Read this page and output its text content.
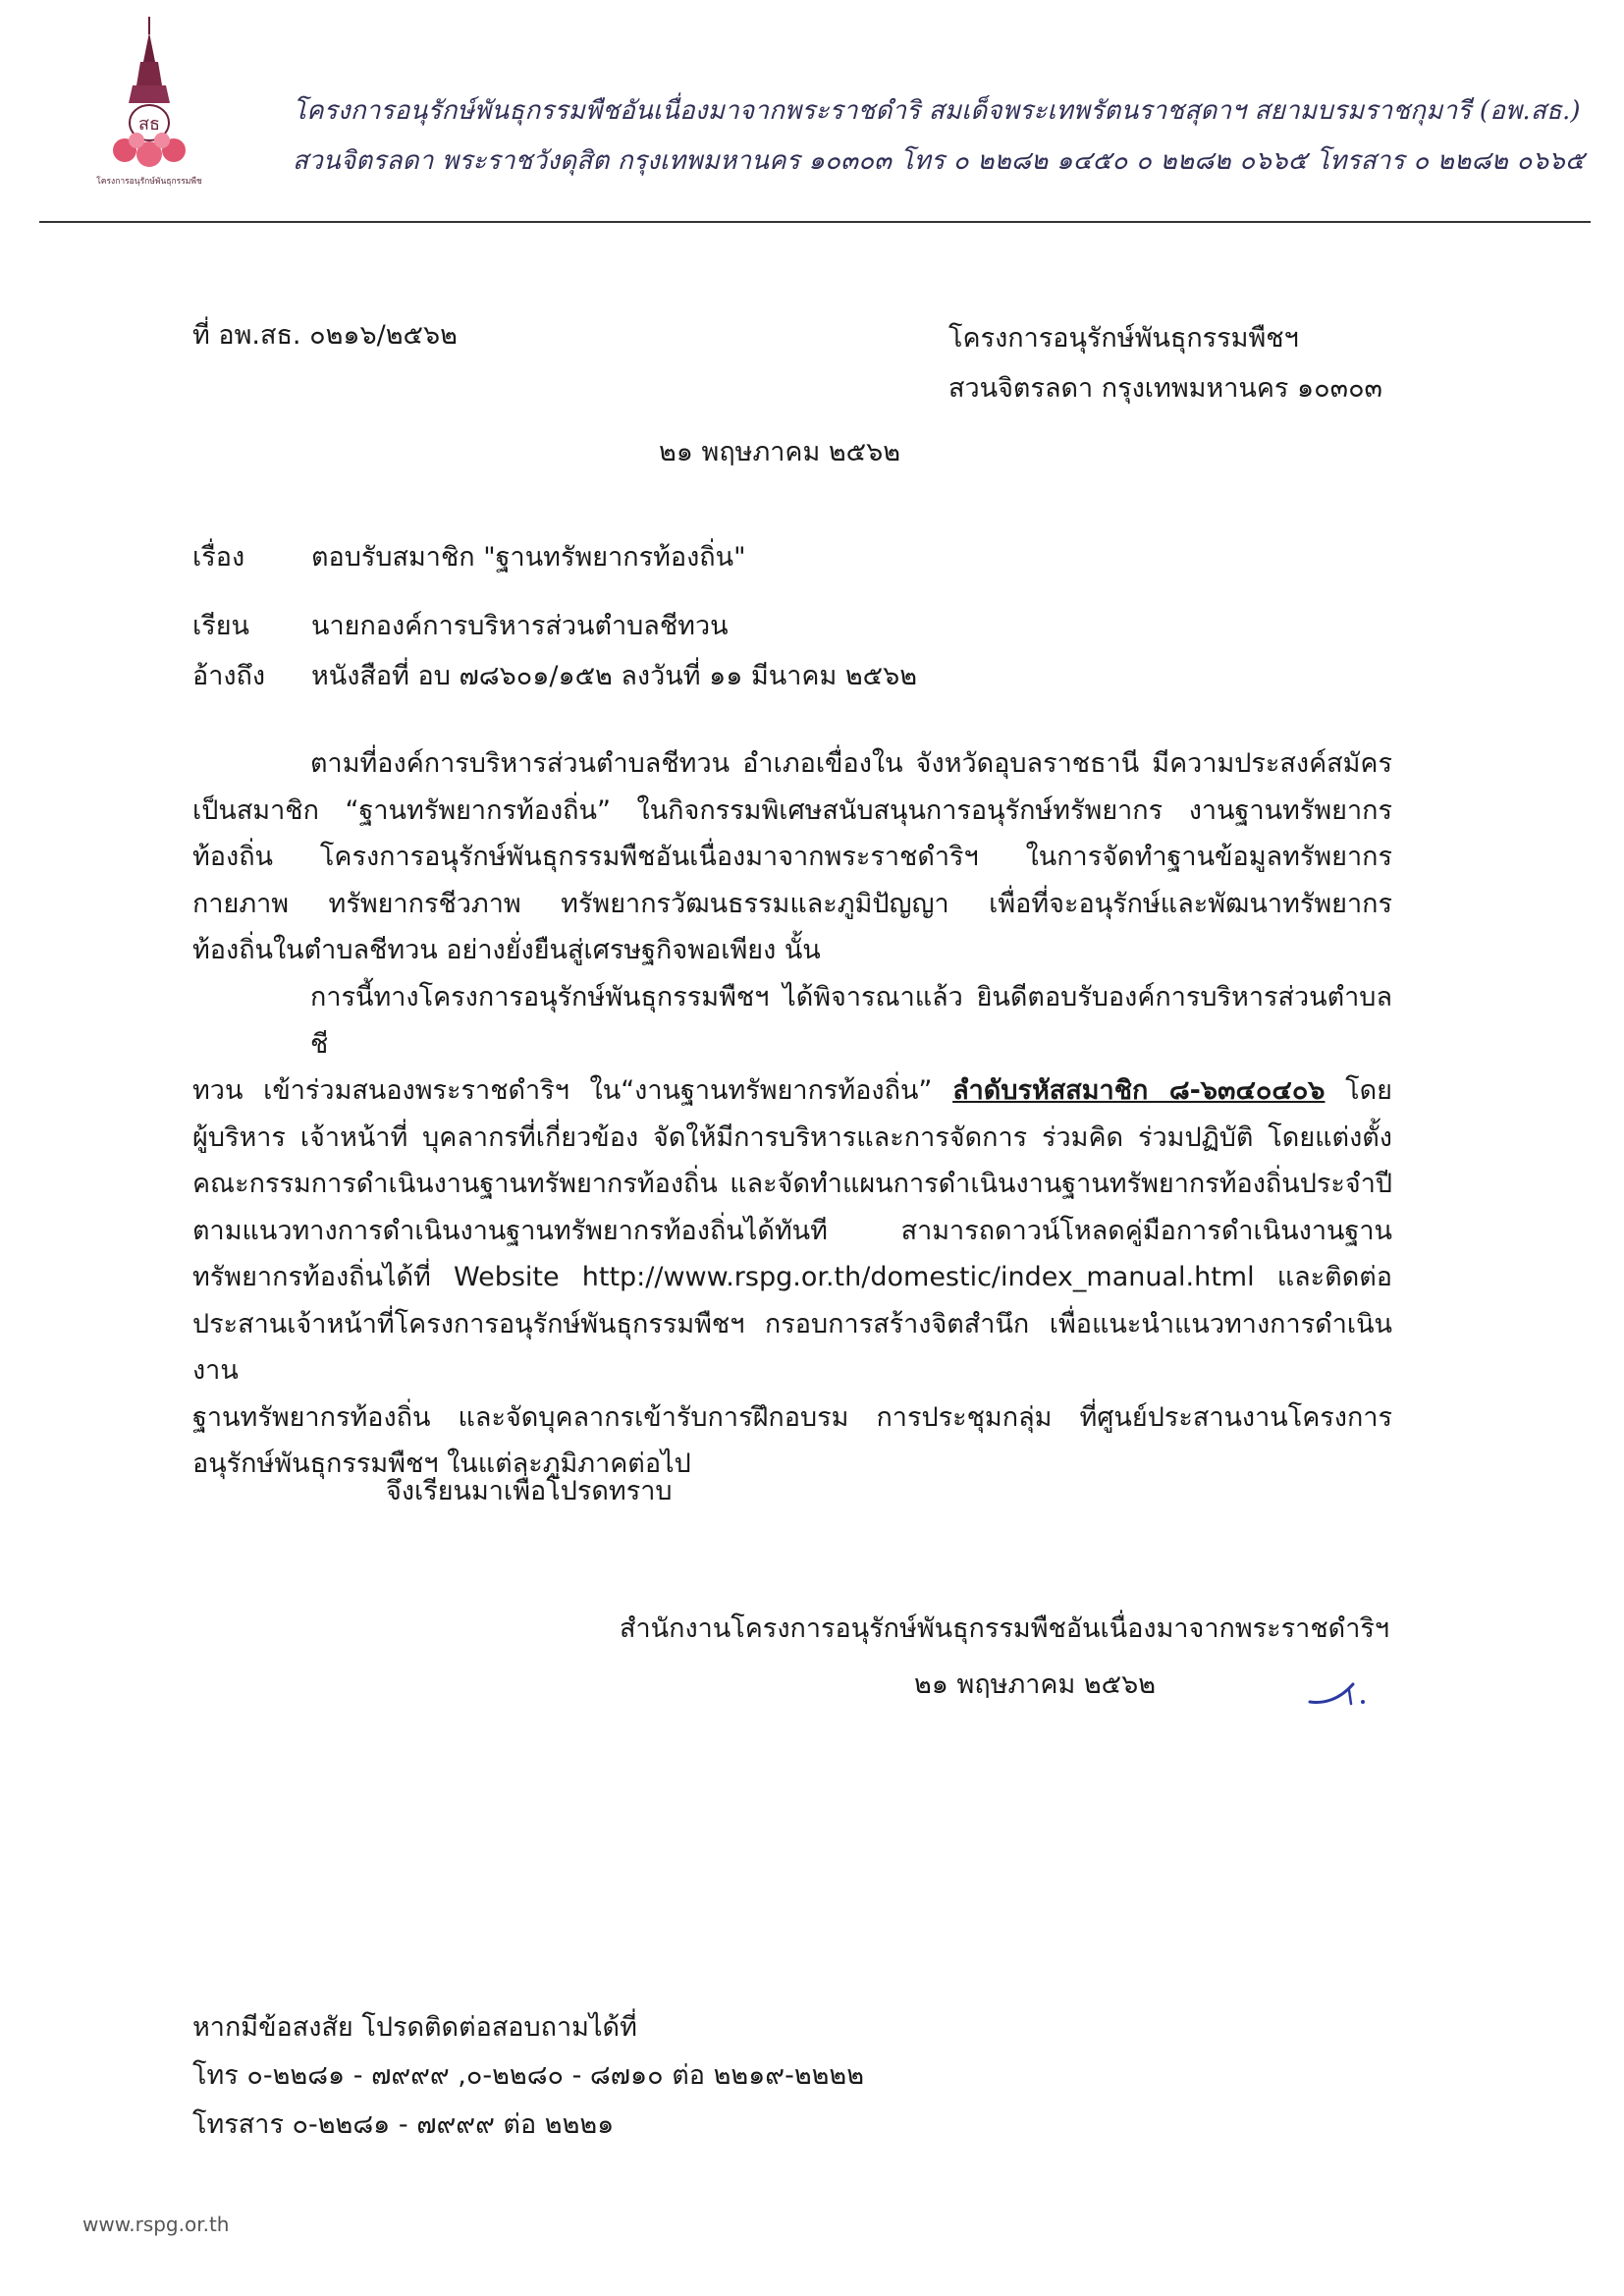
สธ
โครงการอนุรักษ์พันธุกรรมพืช
โครงการอนุรักษ์พันธุกรรมพืชอันเนื่องมาจากพระราชดำริ สมเด็จพระเทพรัตนราชสุดาฯ สยามบรมราชกุมารี (อพ.สธ.)
สวนจิตรลดา พระราชวังดุสิต กรุงเทพมหานคร ๑๐๓๐๓ โทร ๐ ๒๒๘๒ ๑๔๕๐ ๐ ๒๒๘๒ ๐๖๖๕ โทรสาร ๐ ๒๒๘๒ ๐๖๖๕
ที่ อพ.สธ. ๐๒๑๖/๒๕๖๒	โครงการอนุรักษ์พันธุกรรมพืชฯ
สวนจิตรลดา กรุงเทพมหานคร ๑๐๓๐๓
๒๑ พฤษภาคม ๒๕๖๒
เรื่อง	ตอบรับสมาชิก "ฐานทรัพยากรท้องถิ่น"
เรียน นายกองค์การบริหารส่วนตำบลชีทวน
อ้างถึง หนังสือที่ อบ ๗๘๖๐๑/๑๕๒ ลงวันที่ ๑๑ มีนาคม ๒๕๖๒
ตามที่องค์การบริหารส่วนตำบลชีทวน อำเภอเขื่องใน จังหวัดอุบลราชธานี มีความประสงค์สมัคร
เป็นสมาชิก “ฐานทรัพยากรท้องถิ่น” ในกิจกรรมพิเศษสนับสนุนการอนุรักษ์ทรัพยากร งานฐานทรัพยากร
ท้องถิ่น โครงการอนุรักษ์พันธุกรรมพืชอันเนื่องมาจากพระราชดำริฯ ในการจัดทำฐานข้อมูลทรัพยากร
กายภาพ ทรัพยากรชีวภาพ ทรัพยากรวัฒนธรรมและภูมิปัญญา เพื่อที่จะอนุรักษ์และพัฒนาทรัพยากร
ท้องถิ่นในตำบลชีทวน อย่างยั่งยืนสู่เศรษฐกิจพอเพียง นั้น
การนี้ทางโครงการอนุรักษ์พันธุกรรมพืชฯ ได้พิจารณาแล้ว ยินดีตอบรับองค์การบริหารส่วนตำบลชี
ทวน เข้าร่วมสนองพระราชดำริฯ ใน“งานฐานทรัพยากรท้องถิ่น” ลำดับรหัสสมาชิก ๘-๖๓๔๐๔๐๖ โดย
ผู้บริหาร เจ้าหน้าที่ บุคลากรที่เกี่ยวข้อง จัดให้มีการบริหารและการจัดการ ร่วมคิด ร่วมปฏิบัติ โดยแต่งตั้ง
คณะกรรมการดำเนินงานฐานทรัพยากรท้องถิ่น และจัดทำแผนการดำเนินงานฐานทรัพยากรท้องถิ่นประจำปี
ตามแนวทางการดำเนินงานฐานทรัพยากรท้องถิ่นได้ทันที สามารถดาวน์โหลดคู่มือการดำเนินงานฐาน
ทรัพยากรท้องถิ่นได้ที่ Website http://www.rspg.or.th/domestic/index_manual.html และติดต่อ
ประสานเจ้าหน้าที่โครงการอนุรักษ์พันธุกรรมพืชฯ กรอบการสร้างจิตสำนึก เพื่อแนะนำแนวทางการดำเนินงาน
ฐานทรัพยากรท้องถิ่น และจัดบุคลากรเข้ารับการฝึกอบรม การประชุมกลุ่ม ที่ศูนย์ประสานงานโครงการ
อนุรักษ์พันธุกรรมพืชฯ ในแต่ละภูมิภาคต่อไป
จึงเรียนมาเพื่อโปรดทราบ
สำนักงานโครงการอนุรักษ์พันธุกรรมพืชอันเนื่องมาจากพระราชดำริฯ
๒๑ พฤษภาคม ๒๕๖๒
หากมีข้อสงสัย โปรดติดต่อสอบถามได้ที่
โทร ๐-๒๒๘๑ - ๗๙๙๙ ,๐-๒๒๘๐ - ๘๗๑๐ ต่อ ๒๒๑๙-๒๒๒๒
โทรสาร ๐-๒๒๘๑ - ๗๙๙๙ ต่อ ๒๒๒๑
www.rspg.or.th
